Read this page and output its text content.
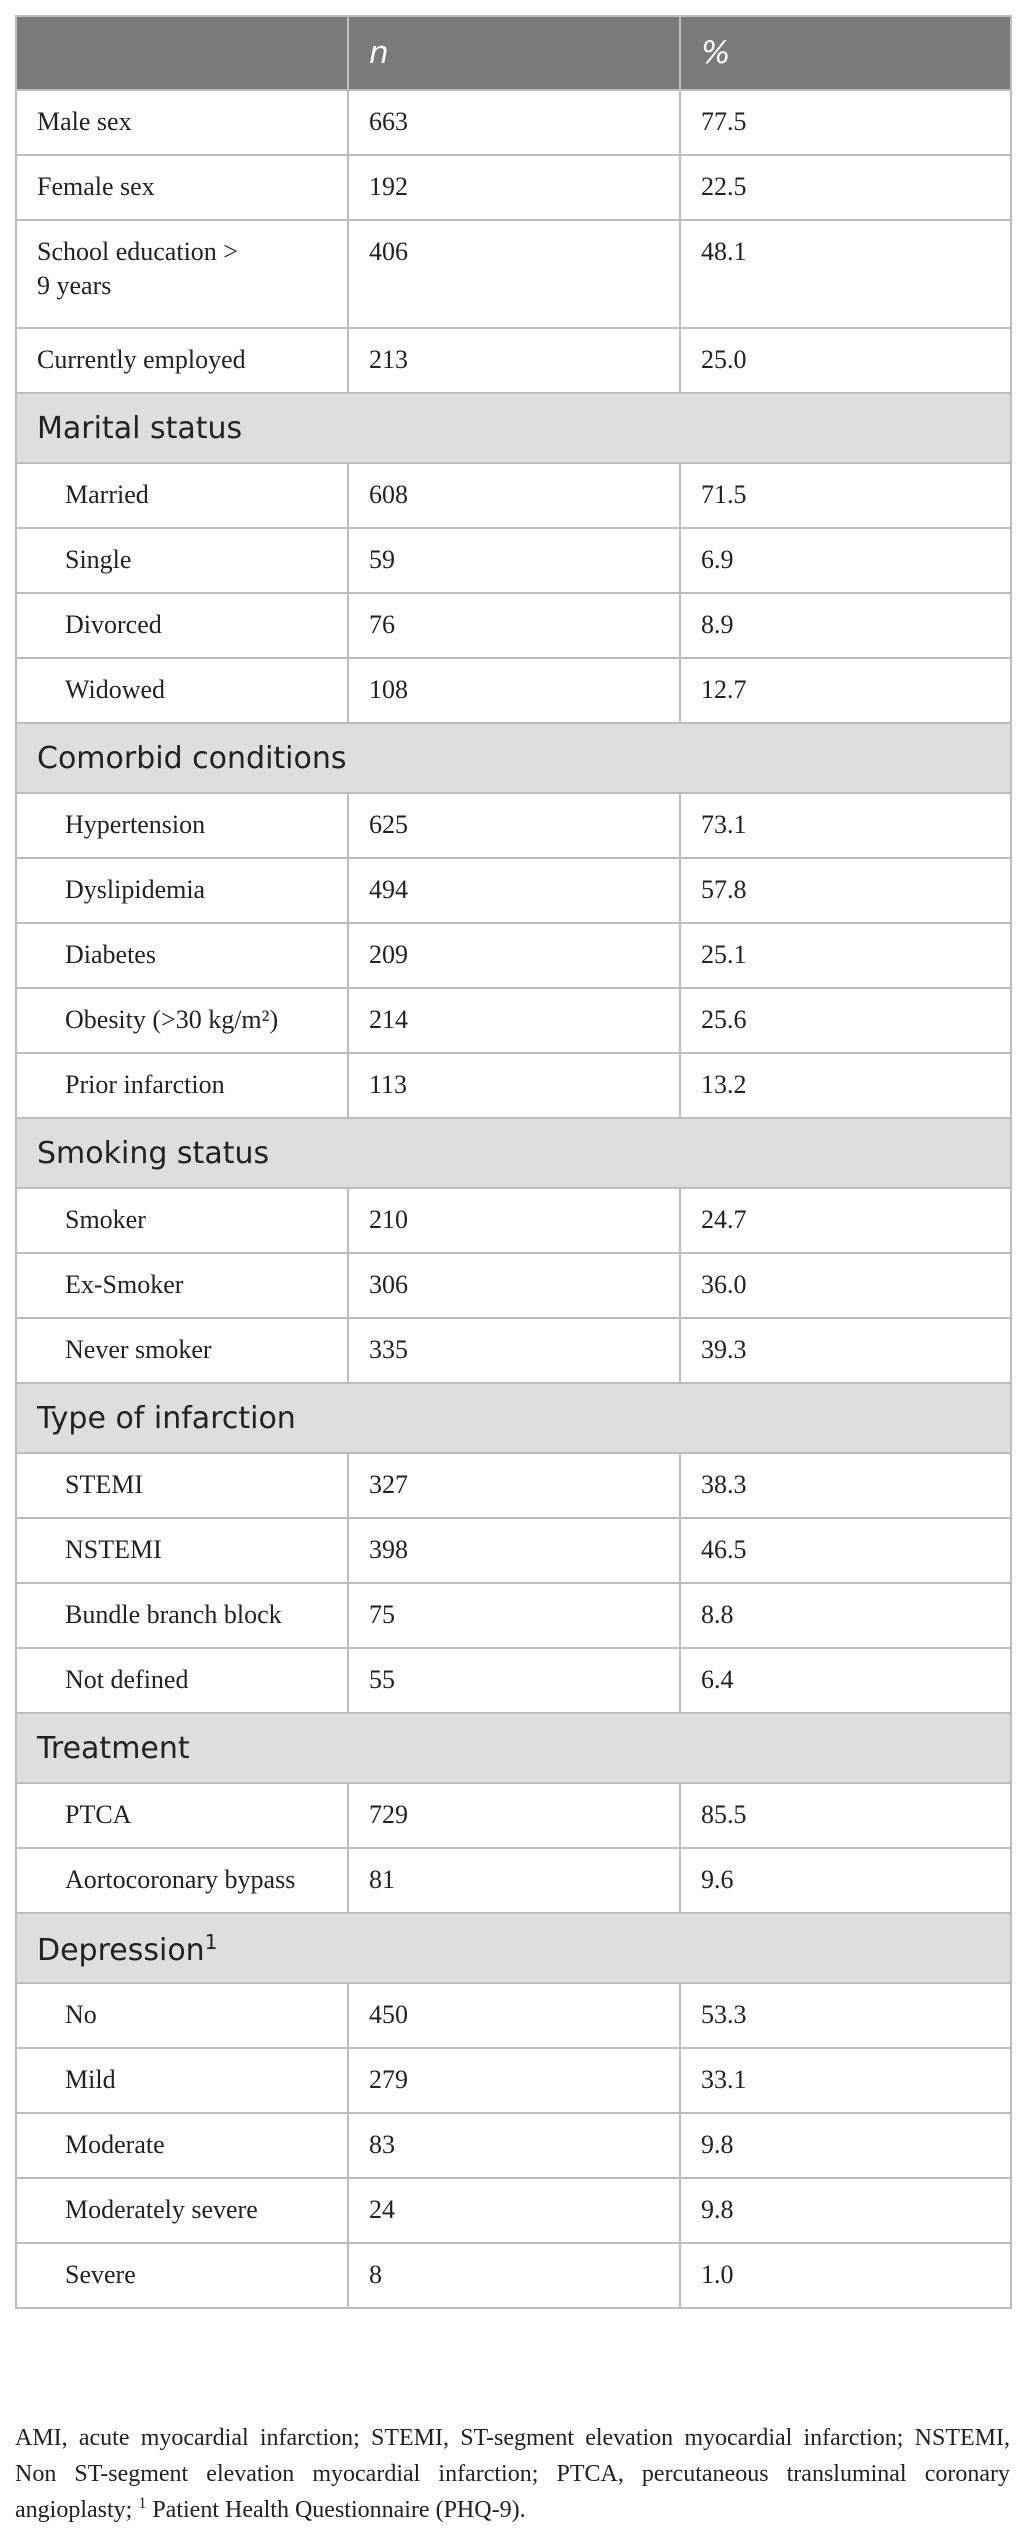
	n	%
Male sex	663	77.5
Female sex	192	22.5
School education >
9 years	406	48.1
Currently employed	213	25.0
Marital status		
Married	608	71.5
Single	59	6.9
Divorced	76	8.9
Widowed	108	12.7
Comorbid conditions		
Hypertension	625	73.1
Dyslipidemia	494	57.8
Diabetes	209	25.1
Obesity (>30 kg/m²)	214	25.6
Prior infarction	113	13.2
Smoking status		
Smoker	210	24.7
Ex-Smoker	306	36.0
Never smoker	335	39.3
Type of infarction		
STEMI	327	38.3
NSTEMI	398	46.5
Bundle branch block	75	8.8
Not defined	55	6.4
Treatment		
PTCA	729	85.5
Aortocoronary bypass	81	9.6
Depression$^1$
No	450	53.3
Mild	279	33.1
Moderate	83	9.8
Moderately severe	24	9.8
Severe	8	1.0
AMI, acute myocardial infarction; STEMI, ST-segment elevation myocardial infarction; NSTEMI, Non ST-segment elevation myocardial infarction; PTCA, percutaneous transluminal coronary angioplasty; $^1$ Patient Health Questionnaire (PHQ-9).
